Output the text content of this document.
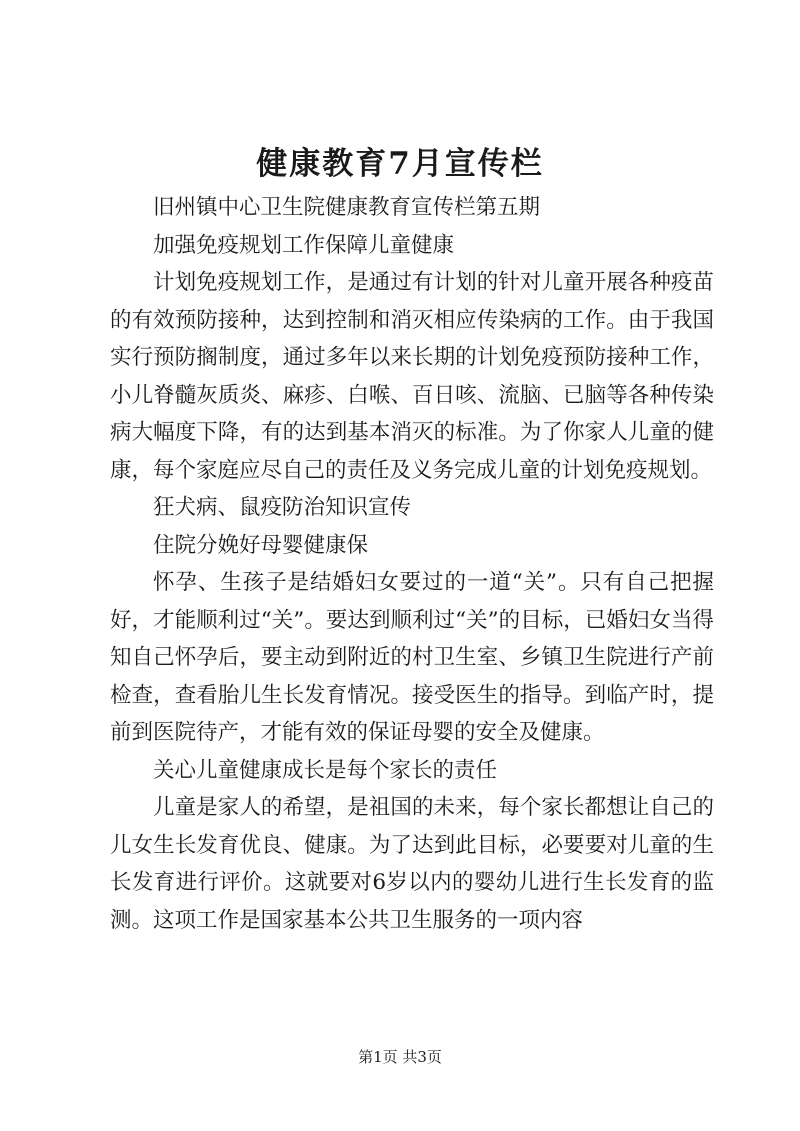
健康教育7月宣传栏

旧州镇中心卫生院健康教育宣传栏第五期

加强免疫规划工作保障儿童健康

计划免疫规划工作，是通过有计划的针对儿童开展各种疫苗的有效预防接种，达到控制和消灭相应传染病的工作。由于我国实行预防搁制度，通过多年以来长期的计划免疫预防接种工作，小儿脊髓灰质炎、麻疹、白喉、百日咳、流脑、已脑等各种传染病大幅度下降，有的达到基本消灭的标准。为了你家人儿童的健康，每个家庭应尽自己的责任及义务完成儿童的计划免疫规划。

狂犬病、鼠疫防治知识宣传

住院分娩好母婴健康保

怀孕、生孩子是结婚妇女要过的一道“关”。只有自己把握好，才能顺利过“关”。要达到顺利过“关”的目标，已婚妇女当得知自己怀孕后，要主动到附近的村卫生室、乡镇卫生院进行产前检查，查看胎儿生长发育情况。接受医生的指导。到临产时，提前到医院待产，才能有效的保证母婴的安全及健康。

关心儿童健康成长是每个家长的责任

儿童是家人的希望，是祖国的未来，每个家长都想让自己的儿女生长发育优良、健康。为了达到此目标，必要要对儿童的生长发育进行评价。这就要对6岁以内的婴幼儿进行生长发育的监测。这项工作是国家基本公共卫生服务的一项内容

第1页 共3页
